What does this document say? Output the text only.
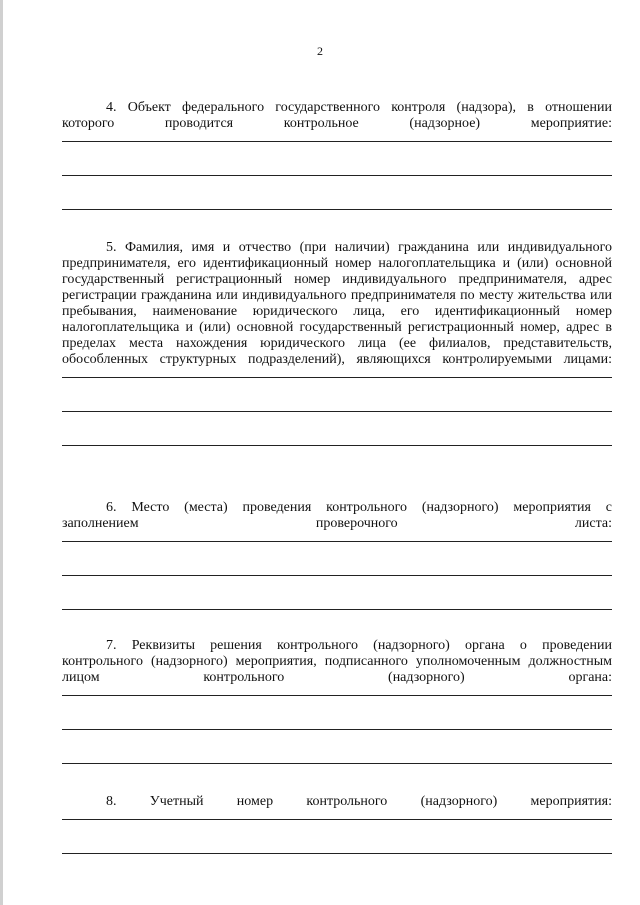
2

4. Объект федерального государственного контроля (надзора), в отношении которого проводится контрольное (надзорное) мероприятие:

5. Фамилия, имя и отчество (при наличии) гражданина или индивидуального предпринимателя, его идентификационный номер налогоплательщика и (или) основной государственный регистрационный номер индивидуального предпринимателя, адрес регистрации гражданина или индивидуального предпринимателя по месту жительства или пребывания, наименование юридического лица, его идентификационный номер налогоплательщика и (или) основной государственный регистрационный номер, адрес в пределах места нахождения юридического лица (ее филиалов, представительств, обособленных структурных подразделений), являющихся контролируемыми лицами:

6. Место (места) проведения контрольного (надзорного) мероприятия с заполнением проверочного листа:

7. Реквизиты решения контрольного (надзорного) органа о проведении контрольного (надзорного) мероприятия, подписанного уполномоченным должностным лицом контрольного (надзорного) органа:

8. Учетный номер контрольного (надзорного) мероприятия:
